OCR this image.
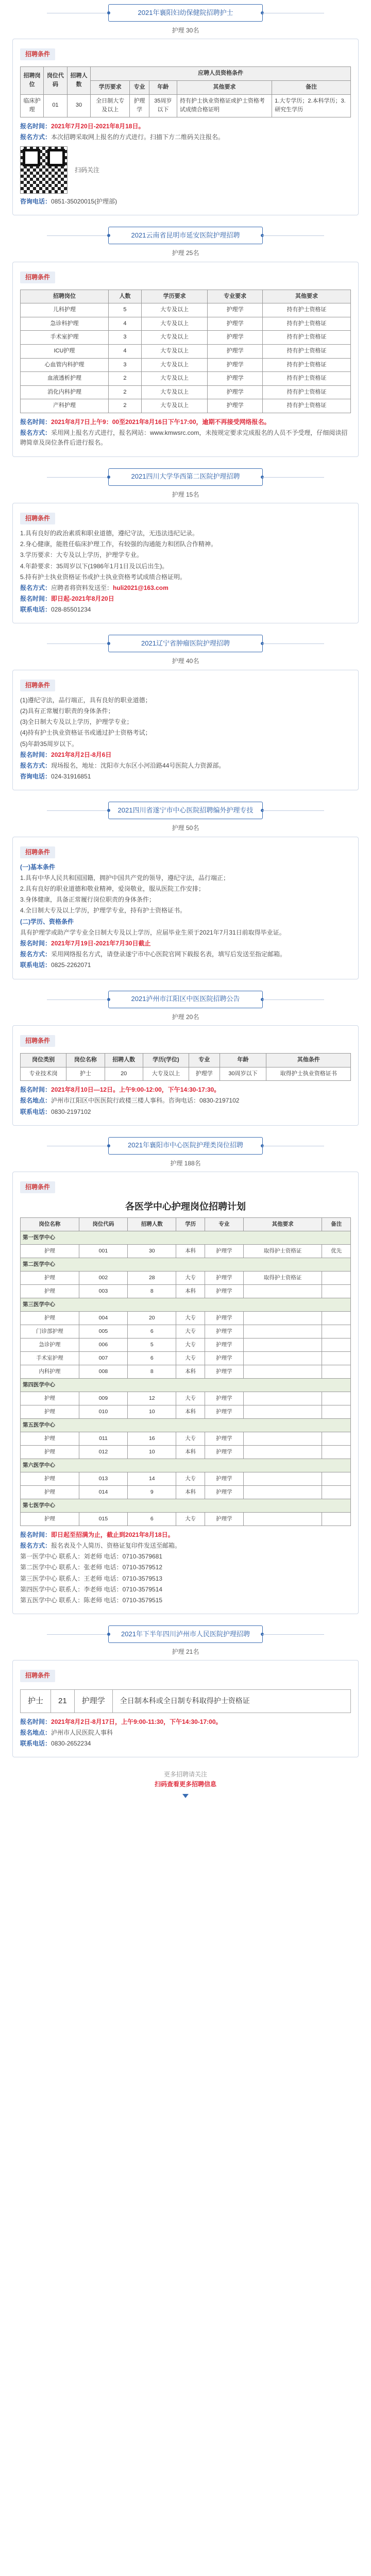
2021年襄阳妇幼保健院招聘护士
护理 30名
招聘条件
招聘岗位	岗位代码	招聘人数	应聘人员资格条件				
			学历要求	专业	年龄	其他要求	备注
临床护理	01	30	全日制大专及以上	护理学	35周岁以下	持有护士执业资格证或护士资格考试成绩合格证明	1.大专学历；2.本科学历；3.研究生学历
报名时间：2021年7月20日-2021年8月18日。
报名方式：本次招聘采取网上报名的方式进行。扫描下方二维码关注报名。
扫码关注
咨询电话：0851-35020015(护理部)
2021云南省昆明市延安医院护理招聘
护理 25名
招聘条件
招聘岗位	人数	学历要求	专业要求	其他要求
儿科护理	5	大专及以上	护理学	持有护士资格证
急诊科护理	4	大专及以上	护理学	持有护士资格证
手术室护理	3	大专及以上	护理学	持有护士资格证
ICU护理	4	大专及以上	护理学	持有护士资格证
心血管内科护理	3	大专及以上	护理学	持有护士资格证
血液透析护理	2	大专及以上	护理学	持有护士资格证
消化内科护理	2	大专及以上	护理学	持有护士资格证
产科护理	2	大专及以上	护理学	持有护士资格证
报名时间：2021年8月7日上午9：00至2021年8月16日下午17:00，逾期不再接受网络报名。
报名方式：采用网上报名方式进行，报名网站：www.kmwsrc.com，未按规定要求完成报名的人员不予受理，仔细阅读招聘简章及岗位条件后进行报名。
2021四川大学华西第二医院护理招聘
护理 15名
招聘条件
1.具有良好的政治素质和职业道德，遵纪守法，无违法违纪记录。
2.身心健康，能胜任临床护理工作，有较强的沟通能力和团队合作精神。
3.学历要求：大专及以上学历，护理学专业。
4.年龄要求：35周岁以下(1986年1月1日及以后出生)。
5.持有护士执业资格证书或护士执业资格考试成绩合格证明。
报名方式：应聘者将资料发送至：huli2021@163.com
报名时间：即日起-2021年8月20日
联系电话：028-85501234
2021辽宁省肿瘤医院护理招聘
护理 40名
招聘条件
(1)遵纪守法，品行端正，具有良好的职业道德；
(2)具有正常履行职责的身体条件；
(3)全日制大专及以上学历，护理学专业；
(4)持有护士执业资格证书或通过护士资格考试；
(5)年龄35周岁以下。
报名时间：2021年8月2日-8月6日
报名方式：现场报名，地址：沈阳市大东区小河沿路44号医院人力资源部。
咨询电话：024-31916851
2021四川省遂宁市中心医院招聘编外护理专技
护理 50名
招聘条件
(一)基本条件
1.具有中华人民共和国国籍，拥护中国共产党的领导，遵纪守法，品行端正；
2.具有良好的职业道德和敬业精神，爱岗敬业，服从医院工作安排；
3.身体健康，具备正常履行岗位职责的身体条件；
4.全日制大专及以上学历，护理学专业，持有护士资格证书。
(二)学历、资格条件
具有护理学或助产学专业全日制大专及以上学历，应届毕业生须于2021年7月31日前取得毕业证。
报名时间：2021年7月19日-2021年7月30日截止
报名方式：采用网络报名方式，请登录遂宁市中心医院官网下载报名表，填写后发送至指定邮箱。
联系电话：0825-2262071
2021泸州市江阳区中医医院招聘公告
护理 20名
招聘条件
岗位类别	岗位名称	招聘人数	学历(学位)	专业	年龄	其他条件
专业技术岗	护士	20	大专及以上	护理学	30周岁以下	取得护士执业资格证书
报名时间：2021年8月10日—12日。上午9:00-12:00，下午14:30-17:30。
报名地点：泸州市江阳区中医医院行政楼三楼人事科。咨询电话：0830-2197102
联系电话：0830-2197102
2021年襄阳市中心医院护理类岗位招聘
护理 188名
招聘条件
各医学中心护理岗位招聘计划
岗位名称	岗位代码	招聘人数	学历	专业	其他要求	备注
第一医学中心						
护理	001	30	本科	护理学	取得护士资格证	优先
第二医学中心						
护理	002	28	大专	护理学	取得护士资格证	
护理	003	8	本科	护理学		
第三医学中心						
护理	004	20	大专	护理学		
门诊部护理	005	6	大专	护理学		
急诊护理	006	5	大专	护理学		
手术室护理	007	6	大专	护理学		
内科护理	008	8	本科	护理学		
第四医学中心						
护理	009	12	大专	护理学		
护理	010	10	本科	护理学		
第五医学中心						
护理	011	16	大专	护理学		
护理	012	10	本科	护理学		
第六医学中心						
护理	013	14	大专	护理学		
护理	014	9	本科	护理学		
第七医学中心						
护理	015	6	大专	护理学		
报名时间：即日起至招满为止，截止到2021年8月18日。
报名方式：报名表及个人简历、资格证复印件发送至邮箱。
第一医学中心 联系人：刘老师 电话：0710-3579681
第二医学中心 联系人：张老师 电话：0710-3579512
第三医学中心 联系人：王老师 电话：0710-3579513
第四医学中心 联系人：李老师 电话：0710-3579514
第五医学中心 联系人：陈老师 电话：0710-3579515
2021年下半年四川泸州市人民医院护理招聘
护理 21名
招聘条件
护士	21	护理学	全日制本科或全日制专科取得护士资格证
报名时间：2021年8月2日-8月17日，上午9:00-11:30，下午14:30-17:00。
报名地点：泸州市人民医院人事科
联系电话：0830-2652234
更多招聘请关注
扫码查看更多招聘信息
